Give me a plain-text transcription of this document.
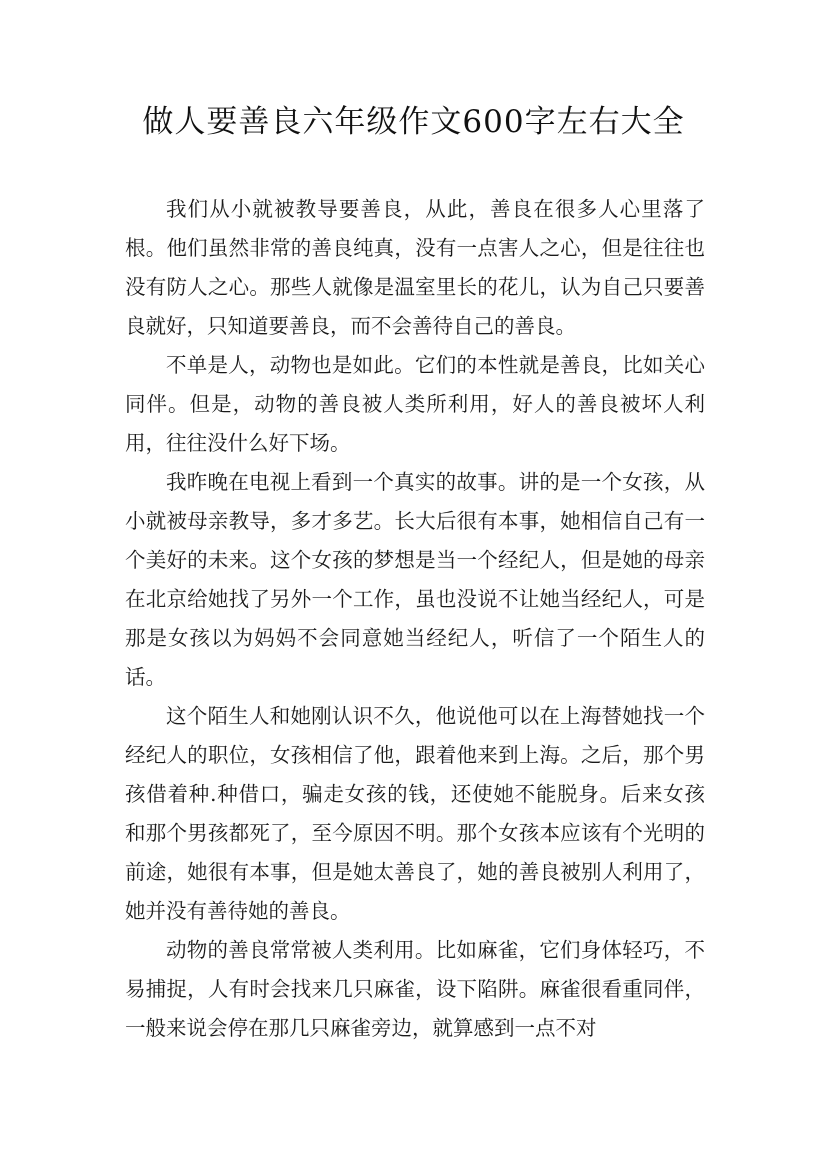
做人要善良六年级作文600字左右大全

我们从小就被教导要善良，从此，善良在很多人心里落了根。他们虽然非常的善良纯真，没有一点害人之心，但是往往也没有防人之心。那些人就像是温室里长的花儿，认为自己只要善良就好，只知道要善良，而不会善待自己的善良。

不单是人，动物也是如此。它们的本性就是善良，比如关心同伴。但是，动物的善良被人类所利用，好人的善良被坏人利用，往往没什么好下场。

我昨晚在电视上看到一个真实的故事。讲的是一个女孩，从小就被母亲教导，多才多艺。长大后很有本事，她相信自己有一个美好的未来。这个女孩的梦想是当一个经纪人，但是她的母亲在北京给她找了另外一个工作，虽也没说不让她当经纪人，可是那是女孩以为妈妈不会同意她当经纪人，听信了一个陌生人的话。

这个陌生人和她刚认识不久，他说他可以在上海替她找一个经纪人的职位，女孩相信了他，跟着他来到上海。之后，那个男孩借着种.种借口，骗走女孩的钱，还使她不能脱身。后来女孩和那个男孩都死了，至今原因不明。那个女孩本应该有个光明的前途，她很有本事，但是她太善良了，她的善良被别人利用了，她并没有善待她的善良。

动物的善良常常被人类利用。比如麻雀，它们身体轻巧，不易捕捉，人有时会找来几只麻雀，设下陷阱。麻雀很看重同伴，一般来说会停在那几只麻雀旁边，就算感到一点不对
